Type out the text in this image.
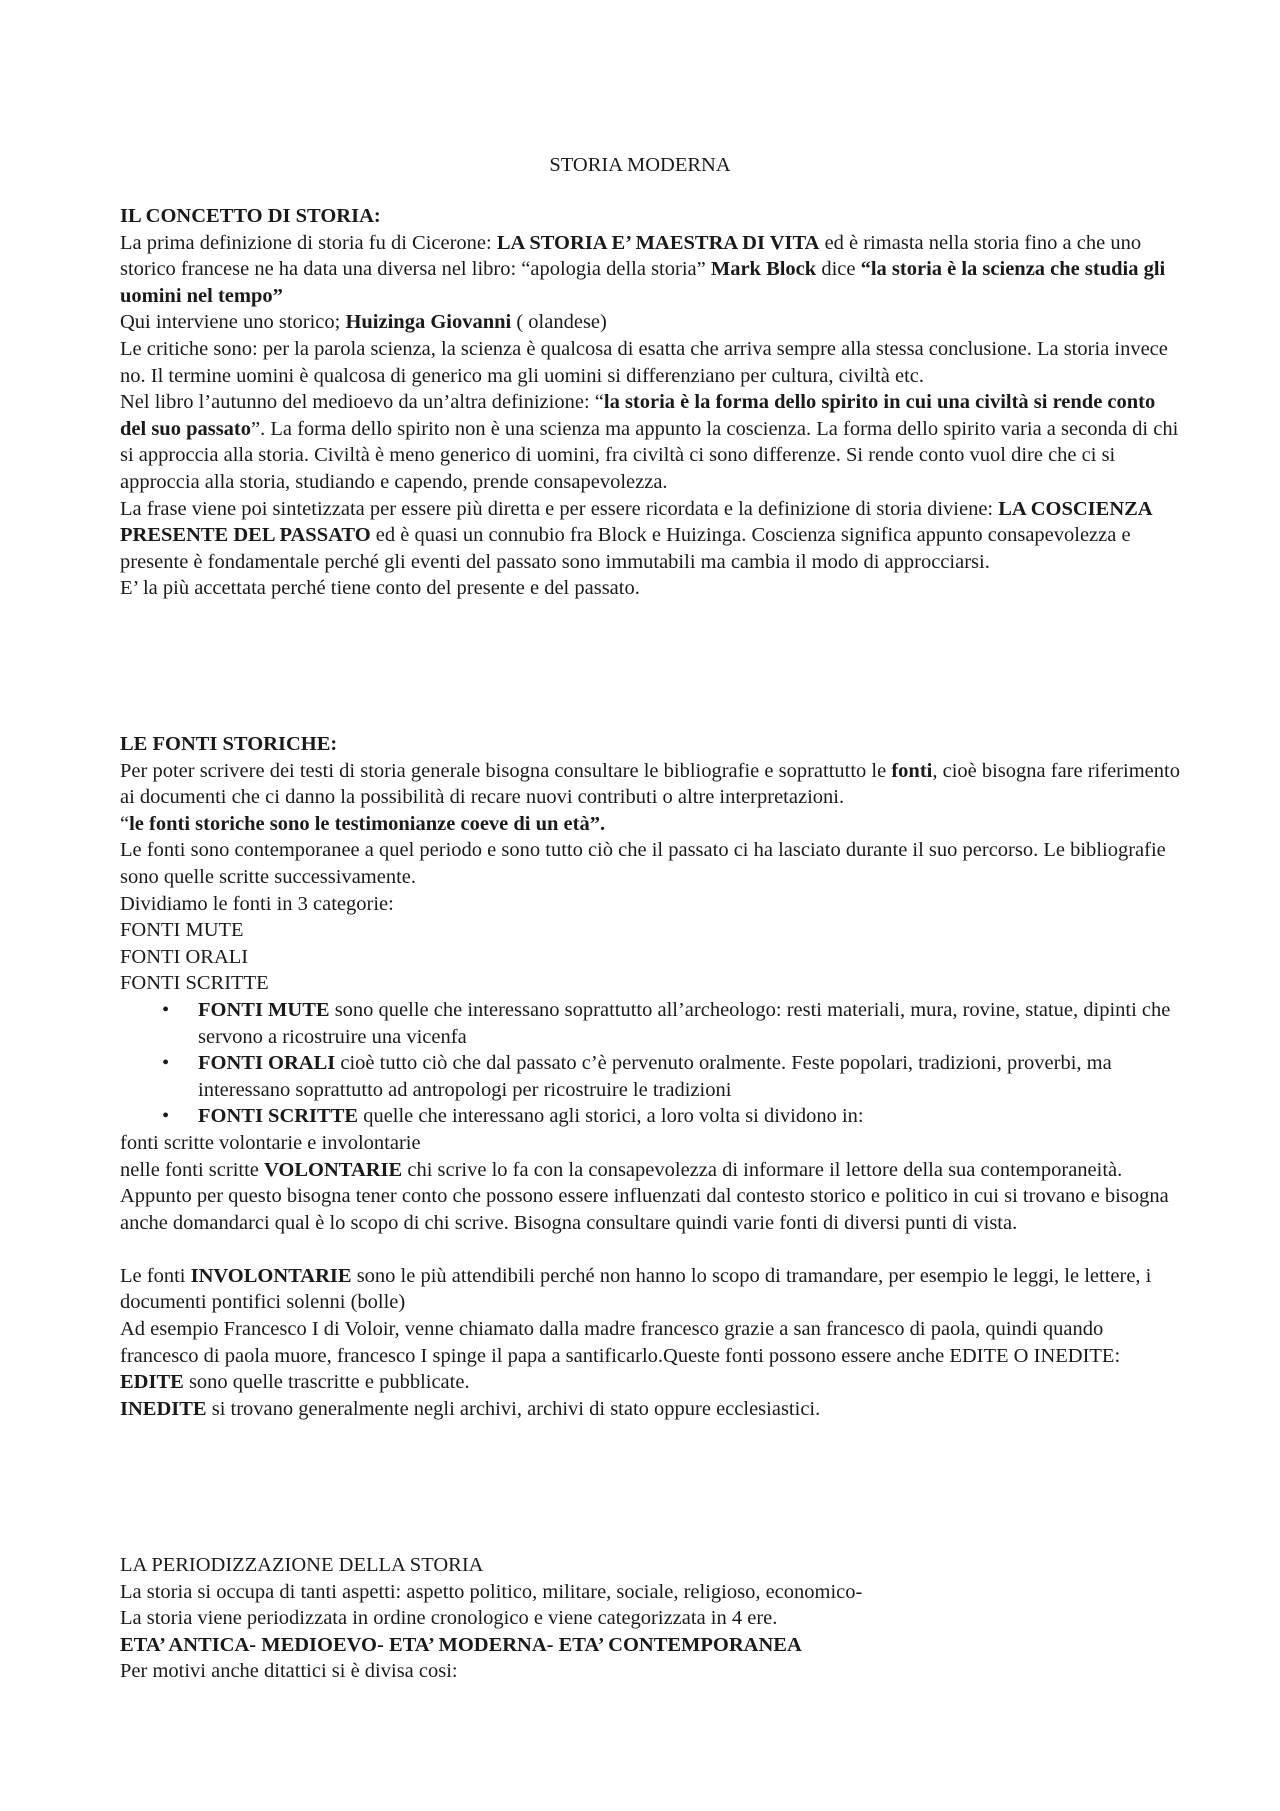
STORIA MODERNA

IL CONCETTO DI STORIA:

La prima definizione di storia fu di Cicerone: LA STORIA E’ MAESTRA DI VITA ed è rimasta nella storia fino a che uno storico francese ne ha data una diversa nel libro: “apologia della storia” Mark Block dice “la storia è la scienza che studia gli uomini nel tempo”

Qui interviene uno storico; Huizinga Giovanni ( olandese)

Le critiche sono: per la parola scienza, la scienza è qualcosa di esatta che arriva sempre alla stessa conclusione. La storia invece no. Il termine uomini è qualcosa di generico ma gli uomini si differenziano per cultura, civiltà etc.

Nel libro l’autunno del medioevo da un’altra definizione: “la storia è la forma dello spirito in cui una civiltà si rende conto del suo passato”. La forma dello spirito non è una scienza ma appunto la coscienza. La forma dello spirito varia a seconda di chi si approccia alla storia. Civiltà è meno generico di uomini, fra civiltà ci sono differenze. Si rende conto vuol dire che ci si approccia alla storia, studiando e capendo, prende consapevolezza.

La frase viene poi sintetizzata per essere più diretta e per essere ricordata e la definizione di storia diviene: LA COSCIENZA PRESENTE DEL PASSATO ed è quasi un connubio fra Block e Huizinga. Coscienza significa appunto consapevolezza e presente è fondamentale perché gli eventi del passato sono immutabili ma cambia il modo di approcciarsi.

E’ la più accettata perché tiene conto del presente e del passato.

LE FONTI STORICHE:

Per poter scrivere dei testi di storia generale bisogna consultare le bibliografie e soprattutto le fonti, cioè bisogna fare riferimento ai documenti che ci danno la possibilità di recare nuovi contributi o altre interpretazioni.

“le fonti storiche sono le testimonianze coeve di un età”.

Le fonti sono contemporanee a quel periodo e sono tutto ciò che il passato ci ha lasciato durante il suo percorso. Le bibliografie sono quelle scritte successivamente.

Dividiamo le fonti in 3 categorie:

FONTI MUTE

FONTI ORALI

FONTI SCRITTE

• FONTI MUTE sono quelle che interessano soprattutto all’archeologo: resti materiali, mura, rovine, statue, dipinti che servono a ricostruire una vicenfa
• FONTI ORALI cioè tutto ciò che dal passato c’è pervenuto oralmente. Feste popolari, tradizioni, proverbi, ma interessano soprattutto ad antropologi per ricostruire le tradizioni
• FONTI SCRITTE quelle che interessano agli storici, a loro volta si dividono in:

fonti scritte volontarie e involontarie

nelle fonti scritte VOLONTARIE chi scrive lo fa con la consapevolezza di informare il lettore della sua contemporaneità. Appunto per questo bisogna tener conto che possono essere influenzati dal contesto storico e politico in cui si trovano e bisogna anche domandarci qual è lo scopo di chi scrive. Bisogna consultare quindi varie fonti di diversi punti di vista.

Le fonti INVOLONTARIE sono le più attendibili perché non hanno lo scopo di tramandare, per esempio le leggi, le lettere, i documenti pontifici solenni (bolle)

Ad esempio Francesco I di Voloir, venne chiamato dalla madre francesco grazie a san francesco di paola, quindi quando francesco di paola muore, francesco I spinge il papa a santificarlo.Queste fonti possono essere anche EDITE O INEDITE:

EDITE sono quelle trascritte e pubblicate.

INEDITE si trovano generalmente negli archivi, archivi di stato oppure ecclesiastici.

LA PERIODIZZAZIONE DELLA STORIA

La storia si occupa di tanti aspetti: aspetto politico, militare, sociale, religioso, economico-

La storia viene periodizzata in ordine cronologico e viene categorizzata in 4 ere.

ETA’ ANTICA- MEDIOEVO- ETA’ MODERNA- ETA’ CONTEMPORANEA

Per motivi anche ditattici si è divisa cosi:
